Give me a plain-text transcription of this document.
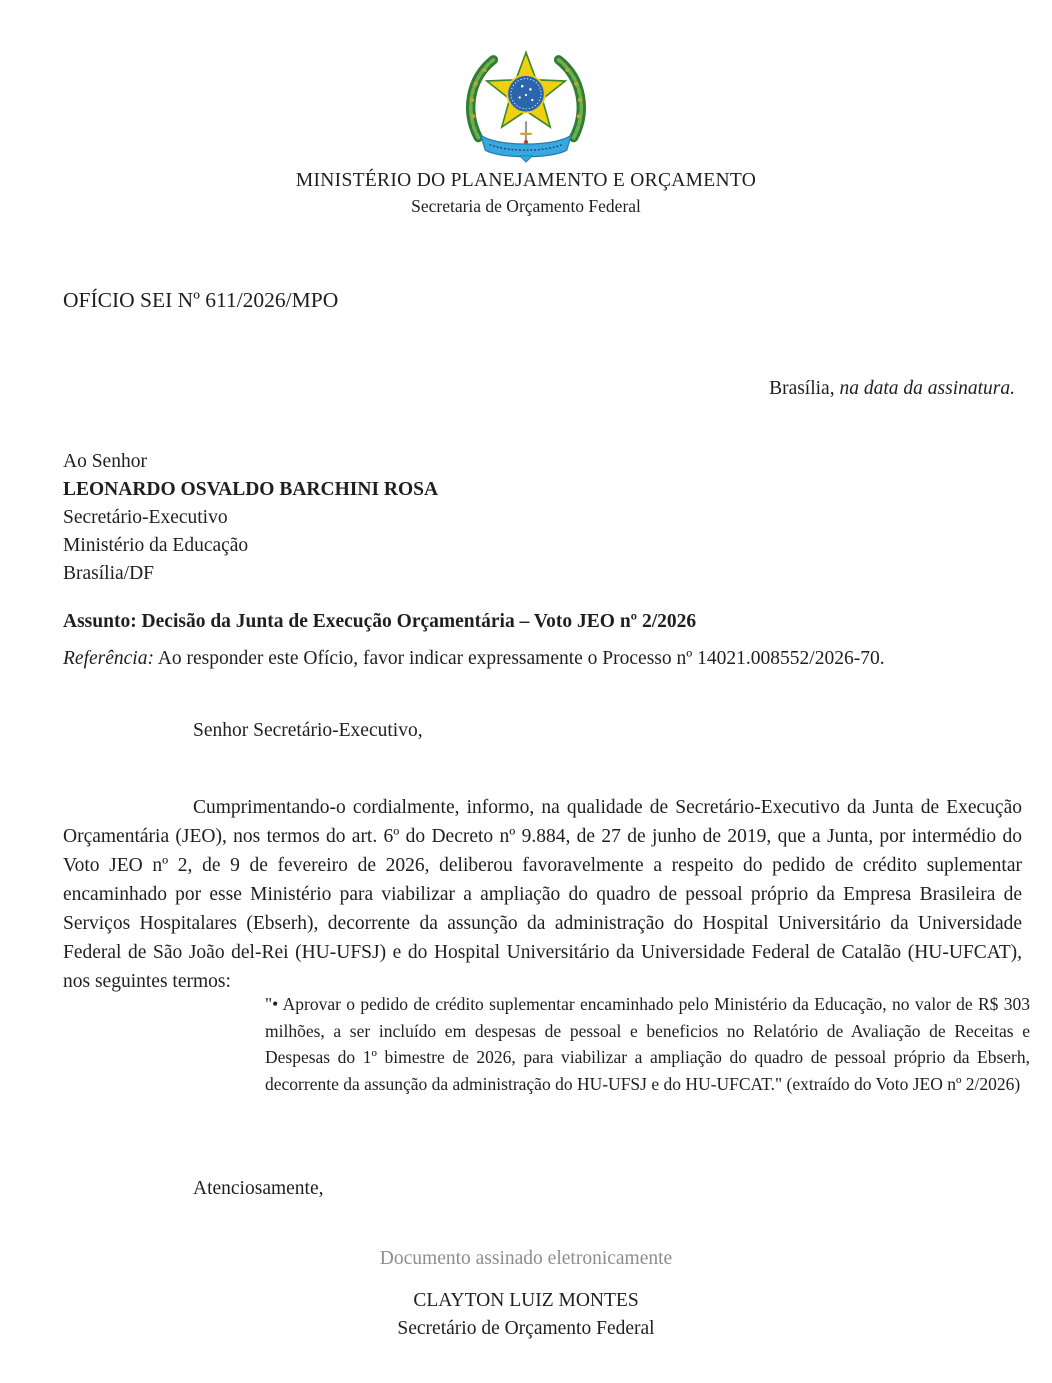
MINISTÉRIO DO PLANEJAMENTO E ORÇAMENTO
Secretaria de Orçamento Federal
OFÍCIO SEI Nº 611/2026/MPO
Brasília, na data da assinatura.
Ao Senhor
LEONARDO OSVALDO BARCHINI ROSA
Secretário-Executivo
Ministério da Educação
Brasília/DF
Assunto: Decisão da Junta de Execução Orçamentária – Voto JEO nº 2/2026
Referência: Ao responder este Ofício, favor indicar expressamente o Processo nº 14021.008552/2026-70.
Senhor Secretário-Executivo,
Cumprimentando-o cordialmente, informo, na qualidade de Secretário-Executivo da Junta de Execução Orçamentária (JEO), nos termos do art. 6º do Decreto nº 9.884, de 27 de junho de 2019, que a Junta, por intermédio do Voto JEO nº 2, de 9 de fevereiro de 2026, deliberou favoravelmente a respeito do pedido de crédito suplementar encaminhado por esse Ministério para viabilizar a ampliação do quadro de pessoal próprio da Empresa Brasileira de Serviços Hospitalares (Ebserh), decorrente da assunção da administração do Hospital Universitário da Universidade Federal de São João del-Rei (HU-UFSJ) e do Hospital Universitário da Universidade Federal de Catalão (HU-UFCAT), nos seguintes termos:
"• Aprovar o pedido de crédito suplementar encaminhado pelo Ministério da Educação, no valor de R$ 303 milhões, a ser incluído em despesas de pessoal e beneficios no Relatório de Avaliação de Receitas e Despesas do 1º bimestre de 2026, para viabilizar a ampliação do quadro de pessoal próprio da Ebserh, decorrente da assunção da administração do HU-UFSJ e do HU-UFCAT." (extraído do Voto JEO nº 2/2026)
Atenciosamente,
Documento assinado eletronicamente
CLAYTON LUIZ MONTES
Secretário de Orçamento Federal
